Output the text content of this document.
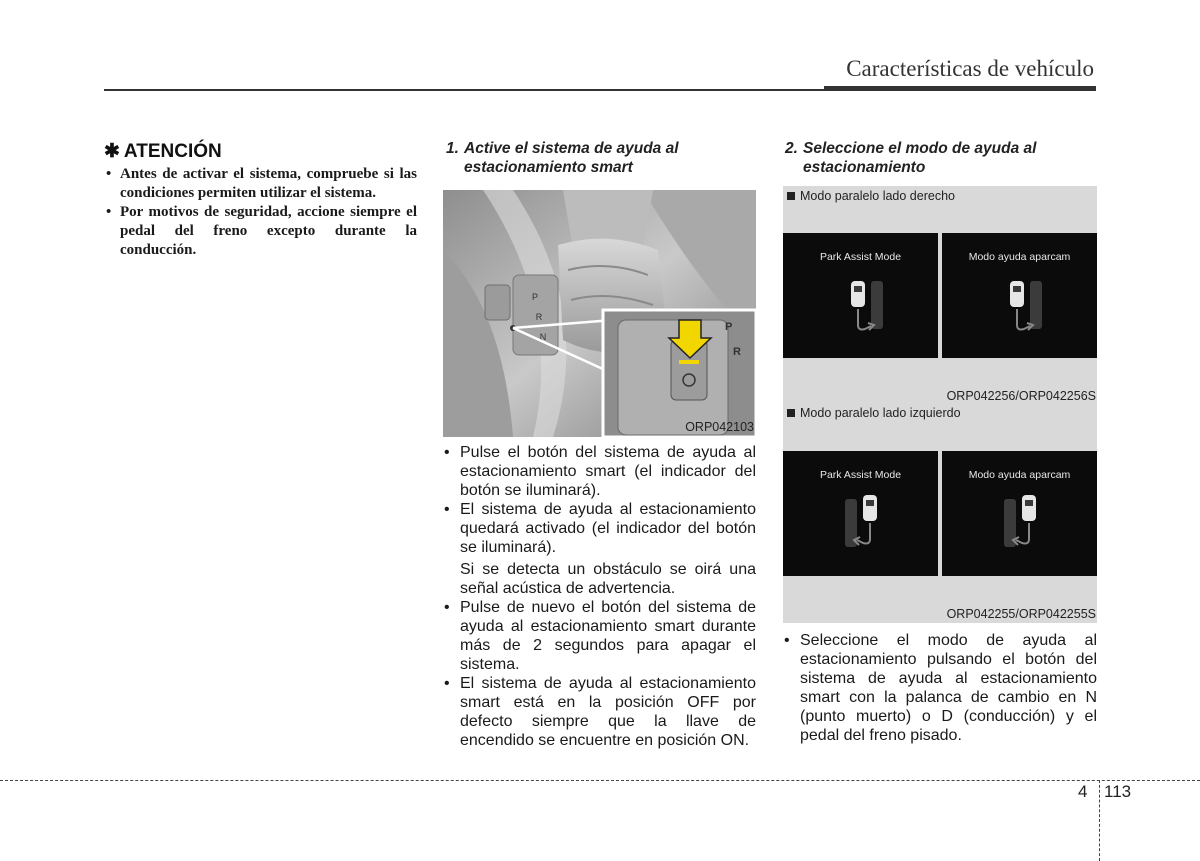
Características de vehículo
✱ ATENCIÓN
• Antes de activar el sistema, compruebe si las condiciones permiten utilizar el sistema.
• Por motivos de seguridad, accione siempre el pedal del freno excepto durante la conducción.
1. Active el sistema de ayuda al estacionamiento smart
P
R
N
P
R
ORP042103
• Pulse el botón del sistema de ayuda al estacionamiento smart (el indicador del botón se iluminará).
• El sistema de ayuda al estacionamiento quedará activado (el indicador del botón se iluminará).
Si se detecta un obstáculo se oirá una señal acústica de advertencia.
• Pulse de nuevo el botón del sistema de ayuda al estacionamiento smart durante más de 2 segundos para apagar el sistema.
• El sistema de ayuda al estacionamiento smart está en la posición OFF por defecto siempre que la llave de encendido se encuentre en posición ON.
2. Seleccione el modo de ayuda al estacionamiento
Modo paralelo lado derecho
Park Assist Mode	Modo ayuda aparcam
ORP042256/ORP042256S
Modo paralelo lado izquierdo
Park Assist Mode	Modo ayuda aparcam
ORP042255/ORP042255S
• Seleccione el modo de ayuda al estacionamiento pulsando el botón del sistema de ayuda al estacionamiento smart con la palanca de cambio en N (punto muerto) o D (conducción) y el pedal del freno pisado.
4 113
